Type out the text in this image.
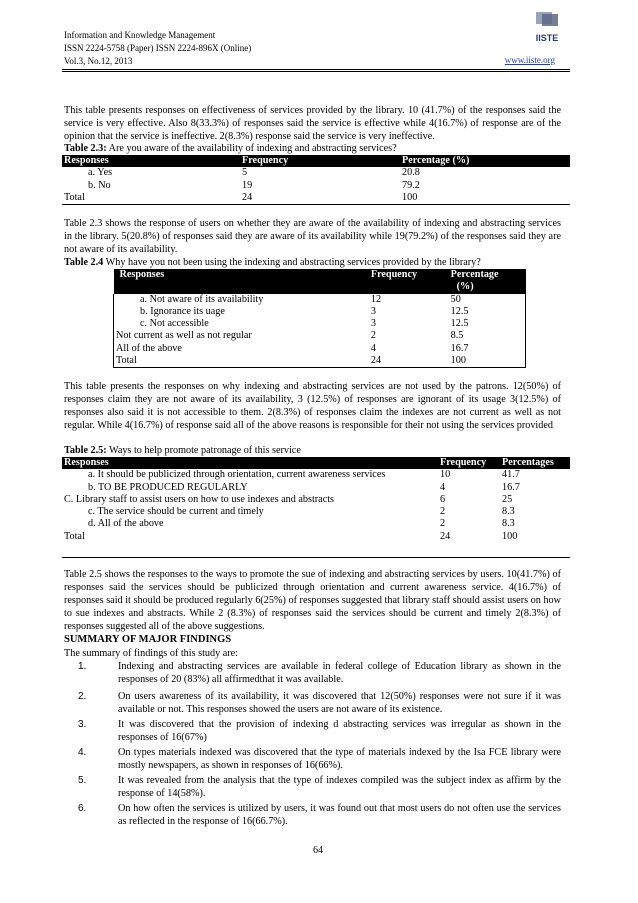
Information and Knowledge Management
ISSN 2224-5758 (Paper) ISSN 2224-896X (Online)
Vol.3, No.12, 2013
IISTE
www.iiste.org

This table presents responses on effectiveness of services provided by the library. 10 (41.7%) of the responses said the service is very effective. Also 8(33.3%) of responses said the service is effective while 4(16.7%) of response are of the opinion that the service is ineffective. 2(8.3%) response said the service is very ineffective.

Table 2.3: Are you aware of the availability of indexing and abstracting services?
Responses	Frequency	Percentage (%)
a. Yes	5	20.8
b. No	19	79.2
Total	24	100

Table 2.3 shows the response of users on whether they are aware of the availability of indexing and abstracting services in the library. 5(20.8%) of responses said they are aware of its availability while 19(79.2%) of the responses said they are not aware of its availability.

Table 2.4 Why have you not been using the indexing and abstracting services provided by the library?
Responses	Frequency	Percentage
(%)
a. Not aware of its availability	12	50
b. Ignorance its uage	3	12.5
c. Not accessible	3	12.5
Not current as well as not regular	2	8.5
All of the above	4	16.7
Total	24	100

This table presents the responses on why indexing and abstracting services are not used by the patrons. 12(50%) of responses claim they are not aware of its availability, 3 (12.5%) of responses are ignorant of its usage 3(12.5%) of responses also said it is not accessible to them. 2(8.3%) of responses claim the indexes are not current as well as not regular. While 4(16.7%) of response said all of the above reasons is responsible for their not using the services provided

Table 2.5: Ways to help promote patronage of this service
Responses	Frequency	Percentages
a. It should be publicized through orientation, current awareness services	10	41.7
b. TO BE PRODUCED REGULARLY	4	16.7
C. Library staff to assist users on how to use indexes and abstracts	6	25
c. The service should be current and timely	2	8.3
d. All of the above	2	8.3
Total	24	100

Table 2.5 shows the responses to the ways to promote the sue of indexing and abstracting services by users. 10(41.7%) of responses said the services should be publicized through orientation and current awareness service. 4(16.7%) of responses said it should be produced regularly 6(25%) of responses suggested that library staff should assist users on how to sue indexes and abstracts. While 2 (8.3%) of responses said the services should be current and timely 2(8.3%) of responses suggested all of the above suggestions.

SUMMARY OF MAJOR FINDINGS
The summary of findings of this study are:
1.	Indexing and abstracting services are available in federal college of Education library as shown in the responses of 20 (83%) all affirmedthat it was available.
2.	On users awareness of its availability, it was discovered that 12(50%) responses were not sure if it was available or not. This responses showed the users are not aware of its existence.
3.	It was discovered that the provision of indexing d abstracting services was irregular as shown in the responses of 16(67%)
4.	On types materials indexed was discovered that the type of materials indexed by the Isa FCE library were mostly newspapers, as shown in responses of 16(66%).
5.	It was revealed from the analysis that the type of indexes compiled was the subject index as affirm by the response of 14(58%).
6.	On how often the services is utilized by users, it was found out that most users do not often use the services as reflected in the response of 16(66.7%).
64
